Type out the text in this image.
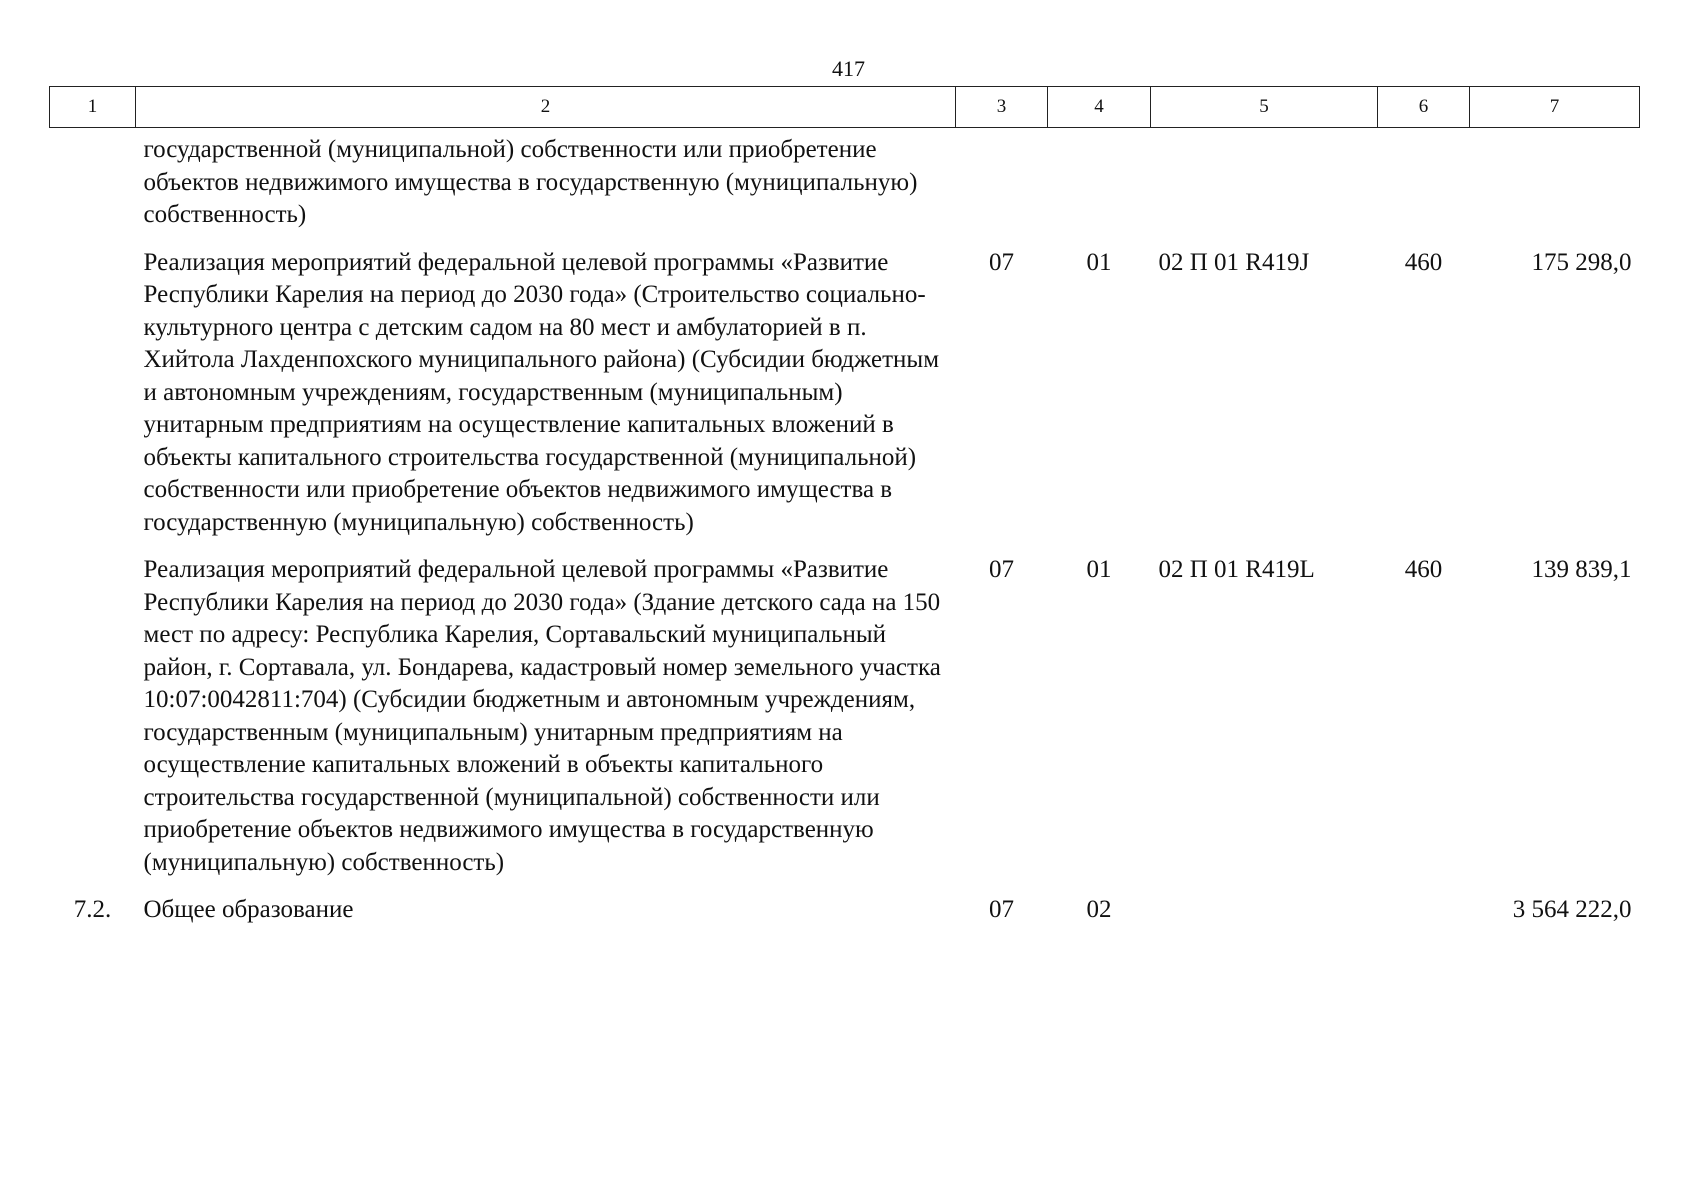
417
1	2	3	4	5	6	7
	государственной (муниципальной) собственности или приобретение объектов недвижимого имущества в государственную (муниципальную) собственность)					
	Реализация мероприятий федеральной целевой программы «Развитие Республики Карелия на период до 2030 года» (Строительство социально-культурного центра с детским садом на 80 мест и амбулаторией в п. Хийтола Лахденпохского муниципального района) (Субсидии бюджетным и автономным учреждениям, государственным (муниципальным) унитарным предприятиям на осуществление капитальных вложений в объекты капитального строительства государственной (муниципальной) собственности или приобретение объектов недвижимого имущества в государственную (муниципальную) собственность)	07	01	02 П 01 R419J	460	175 298,0
	Реализация мероприятий федеральной целевой программы «Развитие Республики Карелия на период до 2030 года» (Здание детского сада на 150 мест по адресу: Республика Карелия, Сортавальский муниципальный район, г. Сортавала, ул. Бондарева, кадастровый номер земельного участка 10:07:0042811:704) (Субсидии бюджетным и автономным учреждениям, государственным (муниципальным) унитарным предприятиям на осуществление капитальных вложений в объекты капитального строительства государственной (муниципальной) собственности или приобретение объектов недвижимого имущества в государственную (муниципальную) собственность)	07	01	02 П 01 R419L	460	139 839,1
7.2.	Общее образование	07	02			3 564 222,0
